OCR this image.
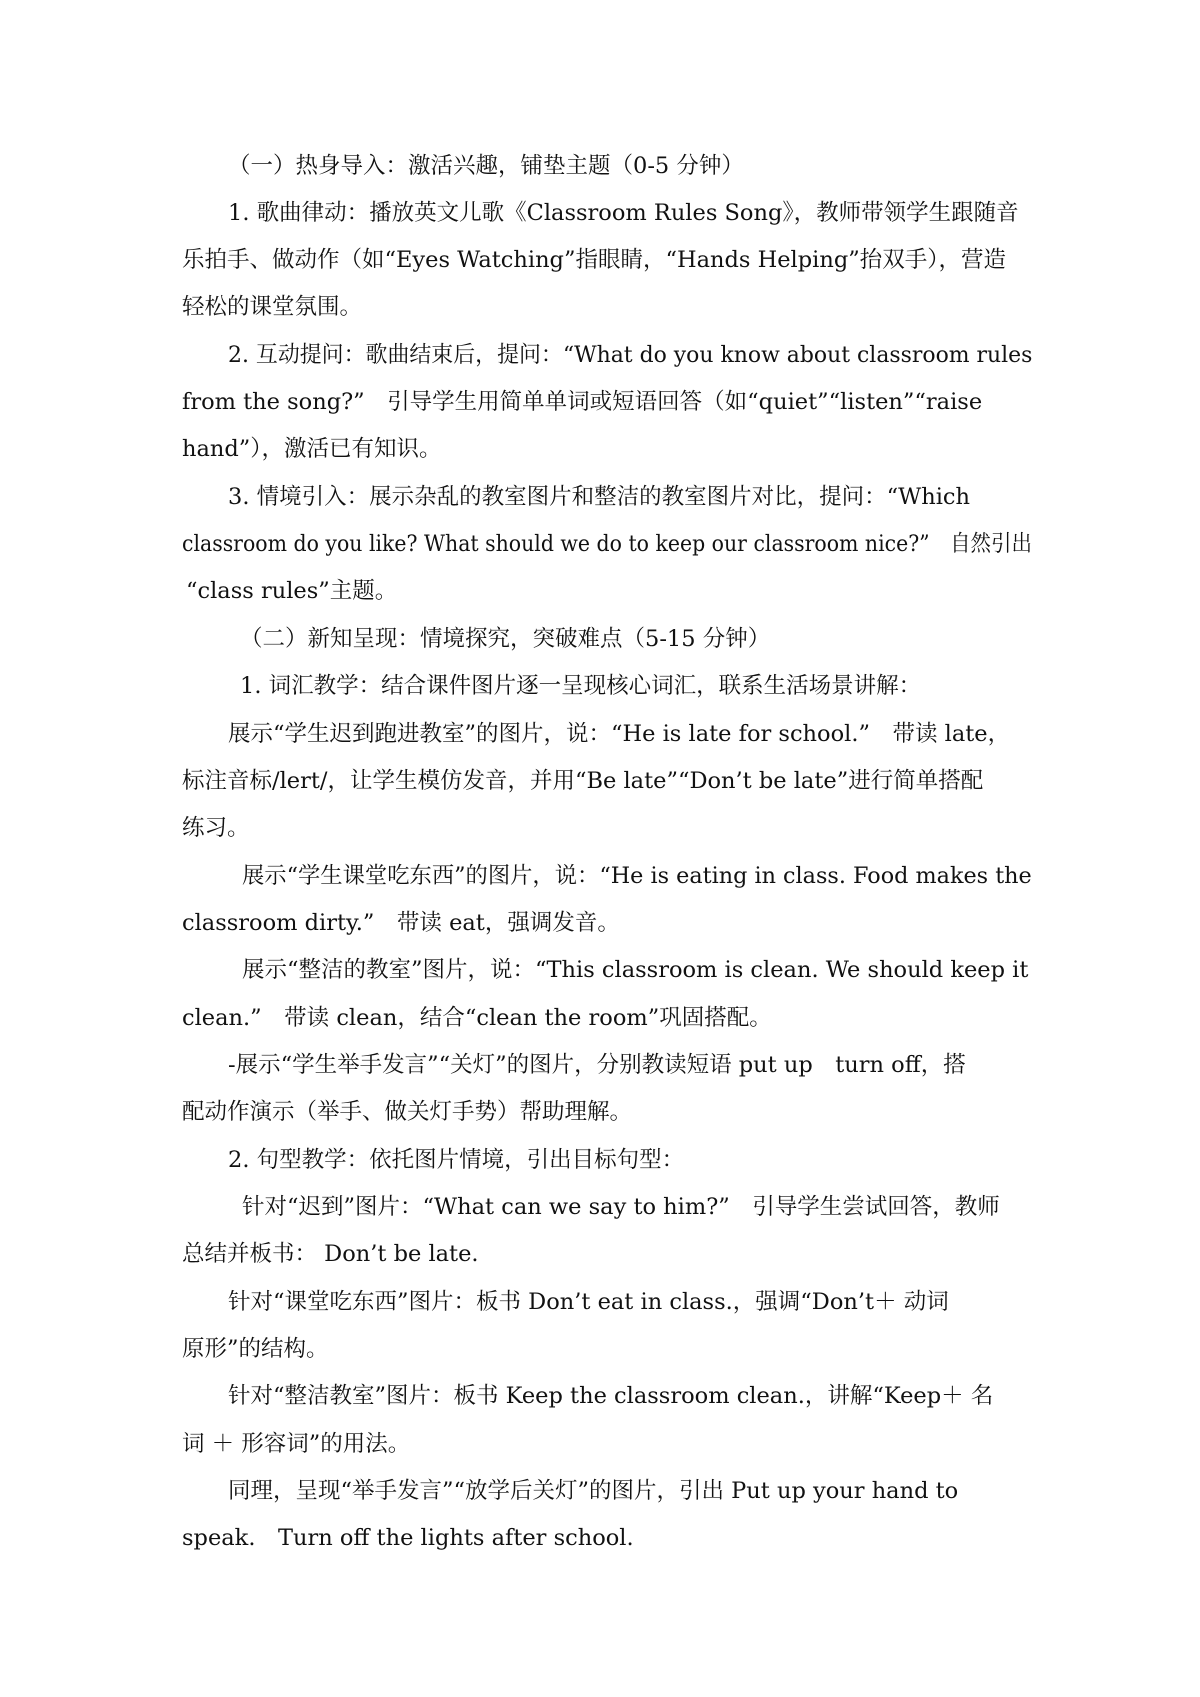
（一）热身导入：激活兴趣，铺垫主题（0-5 分钟）

1. 歌曲律动：播放英文儿歌《Classroom Rules Song》，教师带领学生跟随音

乐拍手、做动作（如“Eyes Watching”指眼睛，“Hands Helping”抬双手），营造

轻松的课堂氛围。

2. 互动提问：歌曲结束后，提问：“What do you know about classroom rules

from the song?”　引导学生用简单单词或短语回答（如“quiet”“listen”“raise

hand”），激活已有知识。

3. 情境引入：展示杂乱的教室图片和整洁的教室图片对比，提问：“Which

classroom do you like? What should we do to keep our classroom nice?”　自然引出

“class rules”主题。

（二）新知呈现：情境探究，突破难点（5-15 分钟）

1. 词汇教学：结合课件图片逐一呈现核心词汇，联系生活场景讲解：

展示“学生迟到跑进教室”的图片，说：“He is late for school.”　带读 late，

标注音标/lert/，让学生模仿发音，并用“Be late”“Don’t be late”进行简单搭配

练习。

展示“学生课堂吃东西”的图片，说：“He is eating in class. Food makes the

classroom dirty.”　带读 eat，强调发音。

展示“整洁的教室”图片，说：“This classroom is clean. We should keep it

clean.”　带读 clean，结合“clean the room”巩固搭配。

-展示“学生举手发言”“关灯”的图片，分别教读短语 put up　turn off，搭

配动作演示（举手、做关灯手势）帮助理解。

2. 句型教学：依托图片情境，引出目标句型：

针对“迟到”图片：“What can we say to him?”　引导学生尝试回答，教师

总结并板书： Don’t be late.

针对“课堂吃东西”图片：板书 Don’t eat in class.，强调“Don’t＋ 动词

原形”的结构。

针对“整洁教室”图片：板书 Keep the classroom clean.，讲解“Keep＋ 名

词 ＋ 形容词”的用法。

同理，呈现“举手发言”“放学后关灯”的图片，引出 Put up your hand to

speak.　Turn off the lights after school.
